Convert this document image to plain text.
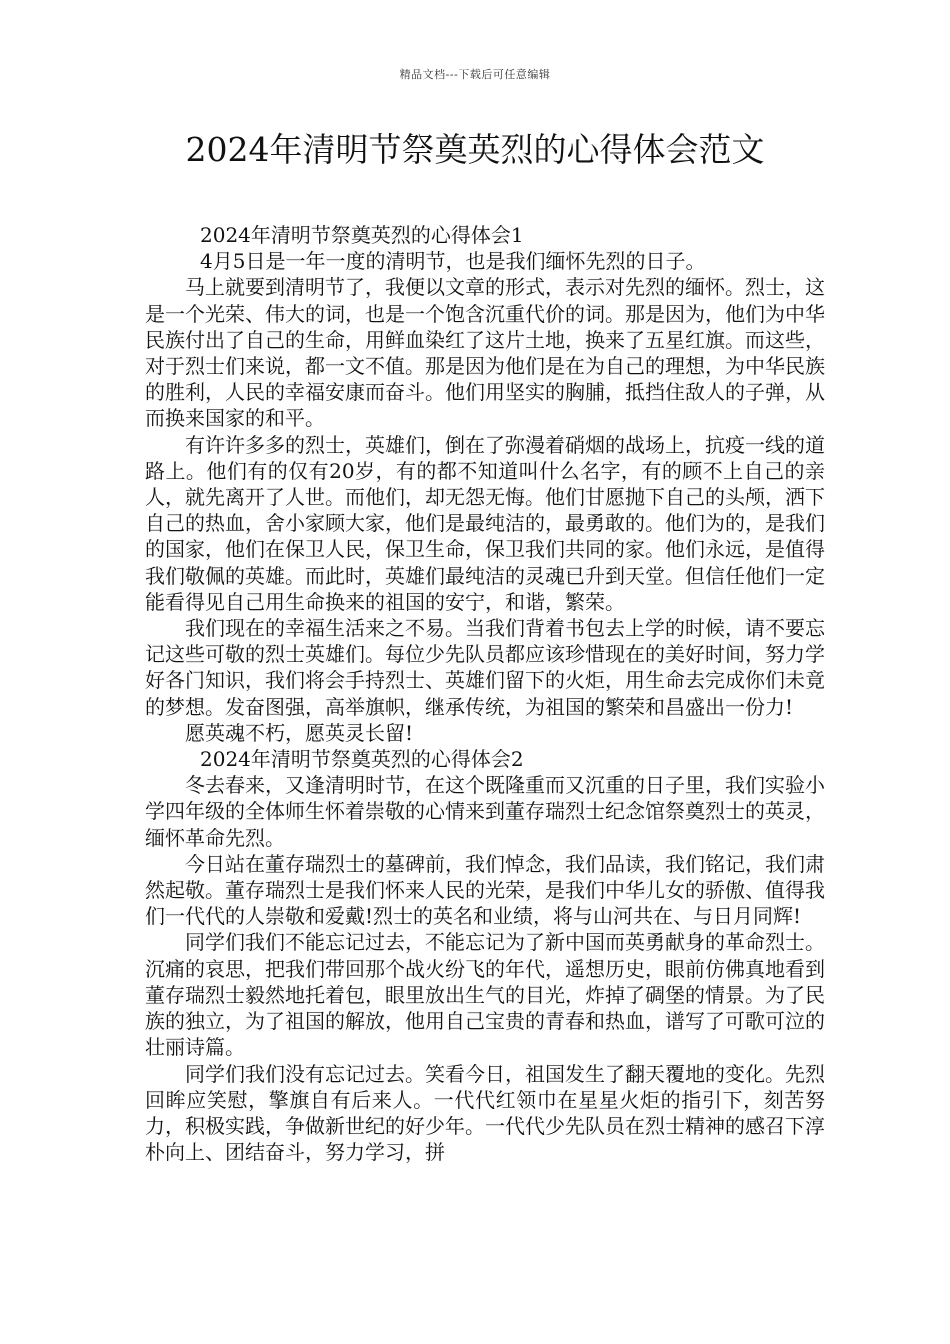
精品文档---下载后可任意编辑
2024年清明节祭奠英烈的心得体会范文

2024年清明节祭奠英烈的心得体会1

4月5日是一年一度的清明节，也是我们缅怀先烈的日子。

马上就要到清明节了，我便以文章的形式，表示对先烈的缅怀。烈士，这是一个光荣、伟大的词，也是一个饱含沉重代价的词。那是因为，他们为中华民族付出了自己的生命，用鲜血染红了这片土地，换来了五星红旗。而这些，对于烈士们来说，都一文不值。那是因为他们是在为自己的理想，为中华民族的胜利，人民的幸福安康而奋斗。他们用坚实的胸脯，抵挡住敌人的子弹，从而换来国家的和平。

有许许多多的烈士，英雄们，倒在了弥漫着硝烟的战场上，抗疫一线的道路上。他们有的仅有20岁，有的都不知道叫什么名字，有的顾不上自己的亲人，就先离开了人世。而他们，却无怨无悔。他们甘愿抛下自己的头颅，洒下自己的热血，舍小家顾大家，他们是最纯洁的，最勇敢的。他们为的，是我们的国家，他们在保卫人民，保卫生命，保卫我们共同的家。他们永远，是值得我们敬佩的英雄。而此时，英雄们最纯洁的灵魂已升到天堂。但信任他们一定能看得见自己用生命换来的祖国的安宁，和谐，繁荣。

我们现在的幸福生活来之不易。当我们背着书包去上学的时候，请不要忘记这些可敬的烈士英雄们。每位少先队员都应该珍惜现在的美好时间，努力学好各门知识，我们将会手持烈士、英雄们留下的火炬，用生命去完成你们未竟的梦想。发奋图强，高举旗帜，继承传统，为祖国的繁荣和昌盛出一份力!

愿英魂不朽，愿英灵长留!

2024年清明节祭奠英烈的心得体会2

冬去春来，又逢清明时节，在这个既隆重而又沉重的日子里，我们实验小学四年级的全体师生怀着崇敬的心情来到董存瑞烈士纪念馆祭奠烈士的英灵，缅怀革命先烈。

今日站在董存瑞烈士的墓碑前，我们悼念，我们品读，我们铭记，我们肃然起敬。董存瑞烈士是我们怀来人民的光荣，是我们中华儿女的骄傲、值得我们一代代的人崇敬和爱戴!烈士的英名和业绩，将与山河共在、与日月同辉!

同学们我们不能忘记过去，不能忘记为了新中国而英勇献身的革命烈士。沉痛的哀思，把我们带回那个战火纷飞的年代，遥想历史，眼前仿佛真地看到董存瑞烈士毅然地托着包，眼里放出生气的目光，炸掉了碉堡的情景。为了民族的独立，为了祖国的解放，他用自己宝贵的青春和热血，谱写了可歌可泣的壮丽诗篇。

同学们我们没有忘记过去。笑看今日，祖国发生了翻天覆地的变化。先烈回眸应笑慰，擎旗自有后来人。一代代红领巾在星星火炬的指引下，刻苦努力，积极实践，争做新世纪的好少年。一代代少先队员在烈士精神的感召下淳朴向上、团结奋斗，努力学习，拼
